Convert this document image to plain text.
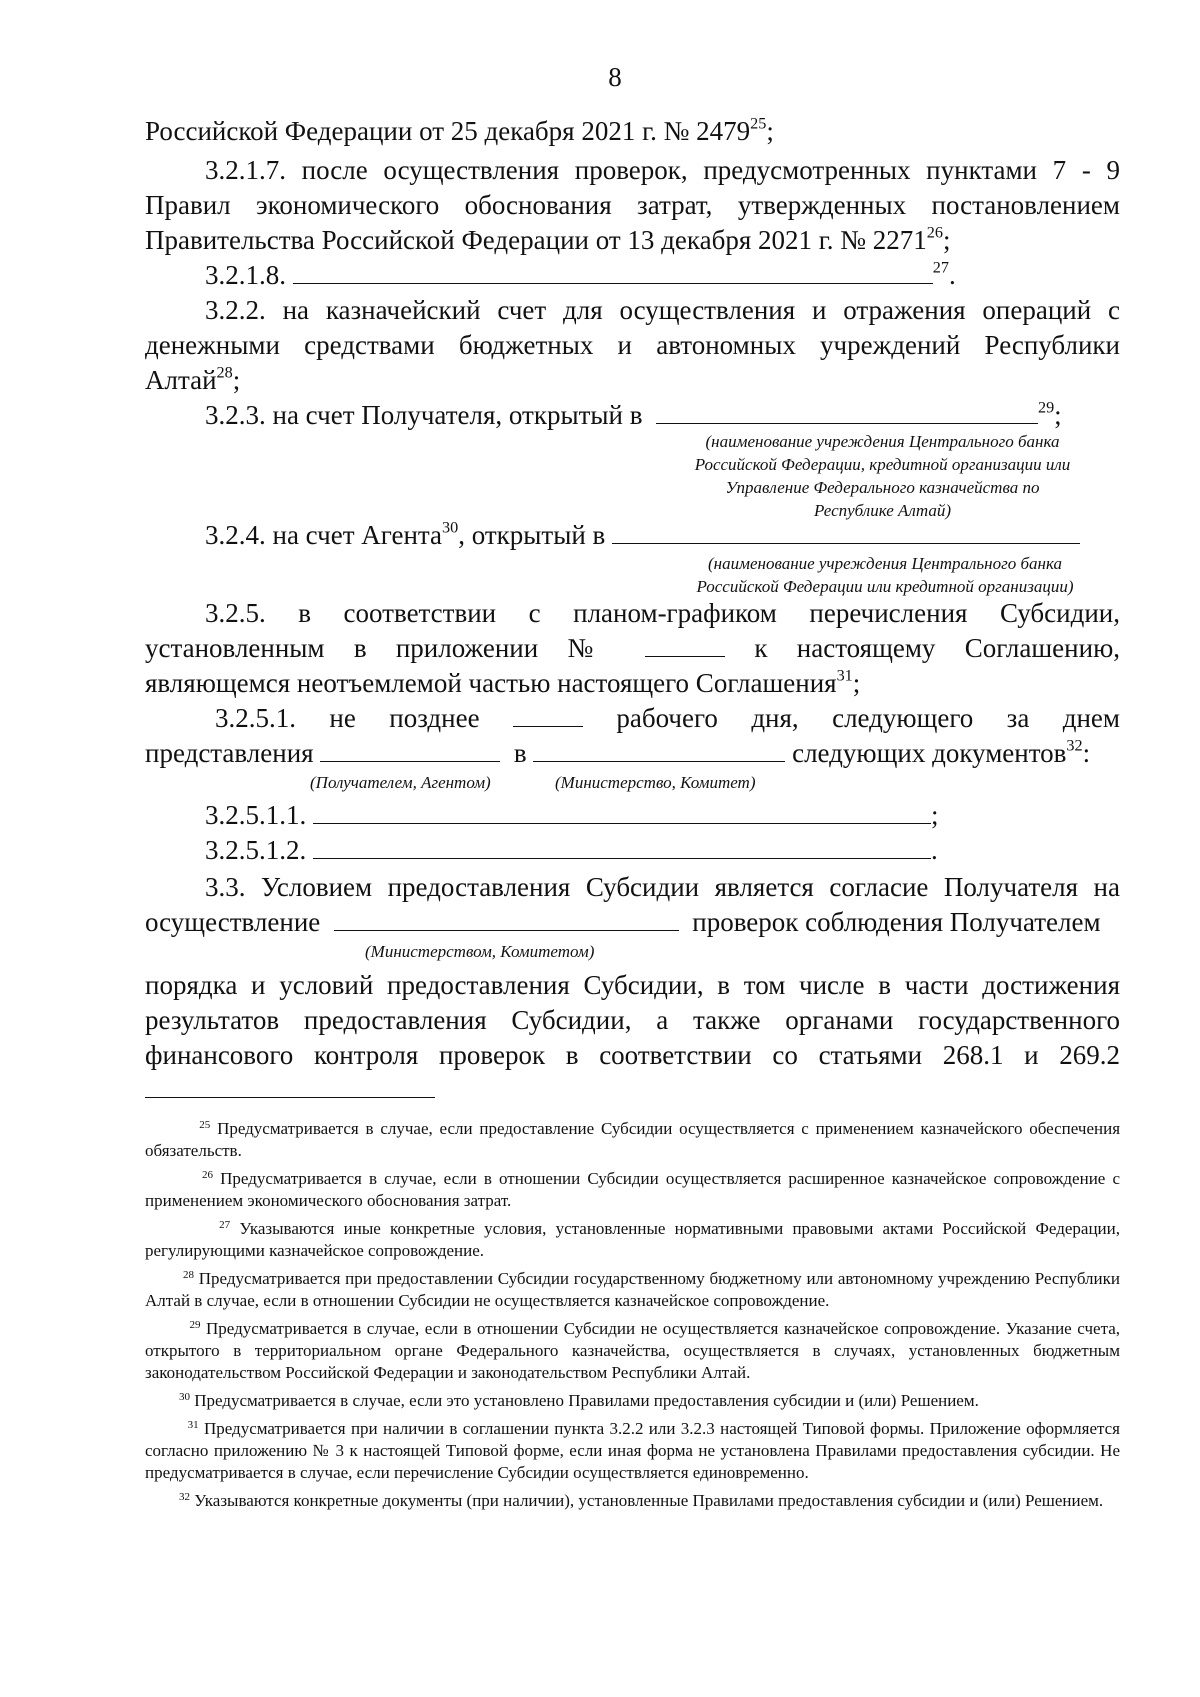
8
Российской Федерации от 25 декабря 2021 г. № 2479$^{25}$;
3.2.1.7. после осуществления проверок, предусмотренных пунктами 7 - 9
Правил экономического обоснования затрат, утвержденных постановлением
Правительства Российской Федерации от 13 декабря 2021 г. № 2271$^{26}$;
3.2.1.8.	$^{27}$.
3.2.2. на казначейский счет для осуществления и отражения операций с
денежными средствами бюджетных и автономных учреждений Республики
Алтай$^{28}$;
3.2.3. на счет Получателя, открытый в	$^{29}$;
(наименование учреждения Центрального банка
Российской Федерации, кредитной организации или
Управление Федерального казначейства по
Республике Алтай)
3.2.4. на счет Агента$^{30}$, открытый в
(наименование учреждения Центрального банка
Российской Федерации или кредитной организации)
3.2.5. в соответствии с планом-графиком перечисления Субсидии,
установленным в приложении №	к настоящему Соглашению,
являющемся неотъемлемой частью настоящего Соглашения$^{31}$;
3.2.5.1. не позднее	рабочего дня, следующего за днем
представления	в	следующих документов$^{32}$:
(Получателем, Агентом)	(Министерство, Комитет)
3.2.5.1.1.	;
3.2.5.1.2.	.
3.3. Условием предоставления Субсидии является согласие Получателя на
осуществление	проверок соблюдения Получателем
(Министерством, Комитетом)
порядка и условий предоставления Субсидии, в том числе в части достижения
результатов предоставления Субсидии, а также органами государственного
финансового контроля проверок в соответствии со статьями 268.1 и 269.2

$^{25}$ Предусматривается в случае, если предоставление Субсидии осуществляется с применением казначейского обеспечения обязательств.

$^{26}$ Предусматривается в случае, если в отношении Субсидии осуществляется расширенное казначейское сопровождение с применением экономического обоснования затрат.

$^{27}$ Указываются иные конкретные условия, установленные нормативными правовыми актами Российской Федерации, регулирующими казначейское сопровождение.

$^{28}$ Предусматривается при предоставлении Субсидии государственному бюджетному или автономному учреждению Республики Алтай в случае, если в отношении Субсидии не осуществляется казначейское сопровождение.

$^{29}$ Предусматривается в случае, если в отношении Субсидии не осуществляется казначейское сопровождение. Указание счета, открытого в территориальном органе Федерального казначейства, осуществляется в случаях, установленных бюджетным законодательством Российской Федерации и законодательством Республики Алтай.

$^{30}$ Предусматривается в случае, если это установлено Правилами предоставления субсидии и (или) Решением.

$^{31}$ Предусматривается при наличии в соглашении пункта 3.2.2 или 3.2.3 настоящей Типовой формы. Приложение оформляется согласно приложению № 3 к настоящей Типовой форме, если иная форма не установлена Правилами предоставления субсидии. Не предусматривается в случае, если перечисление Субсидии осуществляется единовременно.

$^{32}$ Указываются конкретные документы (при наличии), установленные Правилами предоставления субсидии и (или) Решением.
